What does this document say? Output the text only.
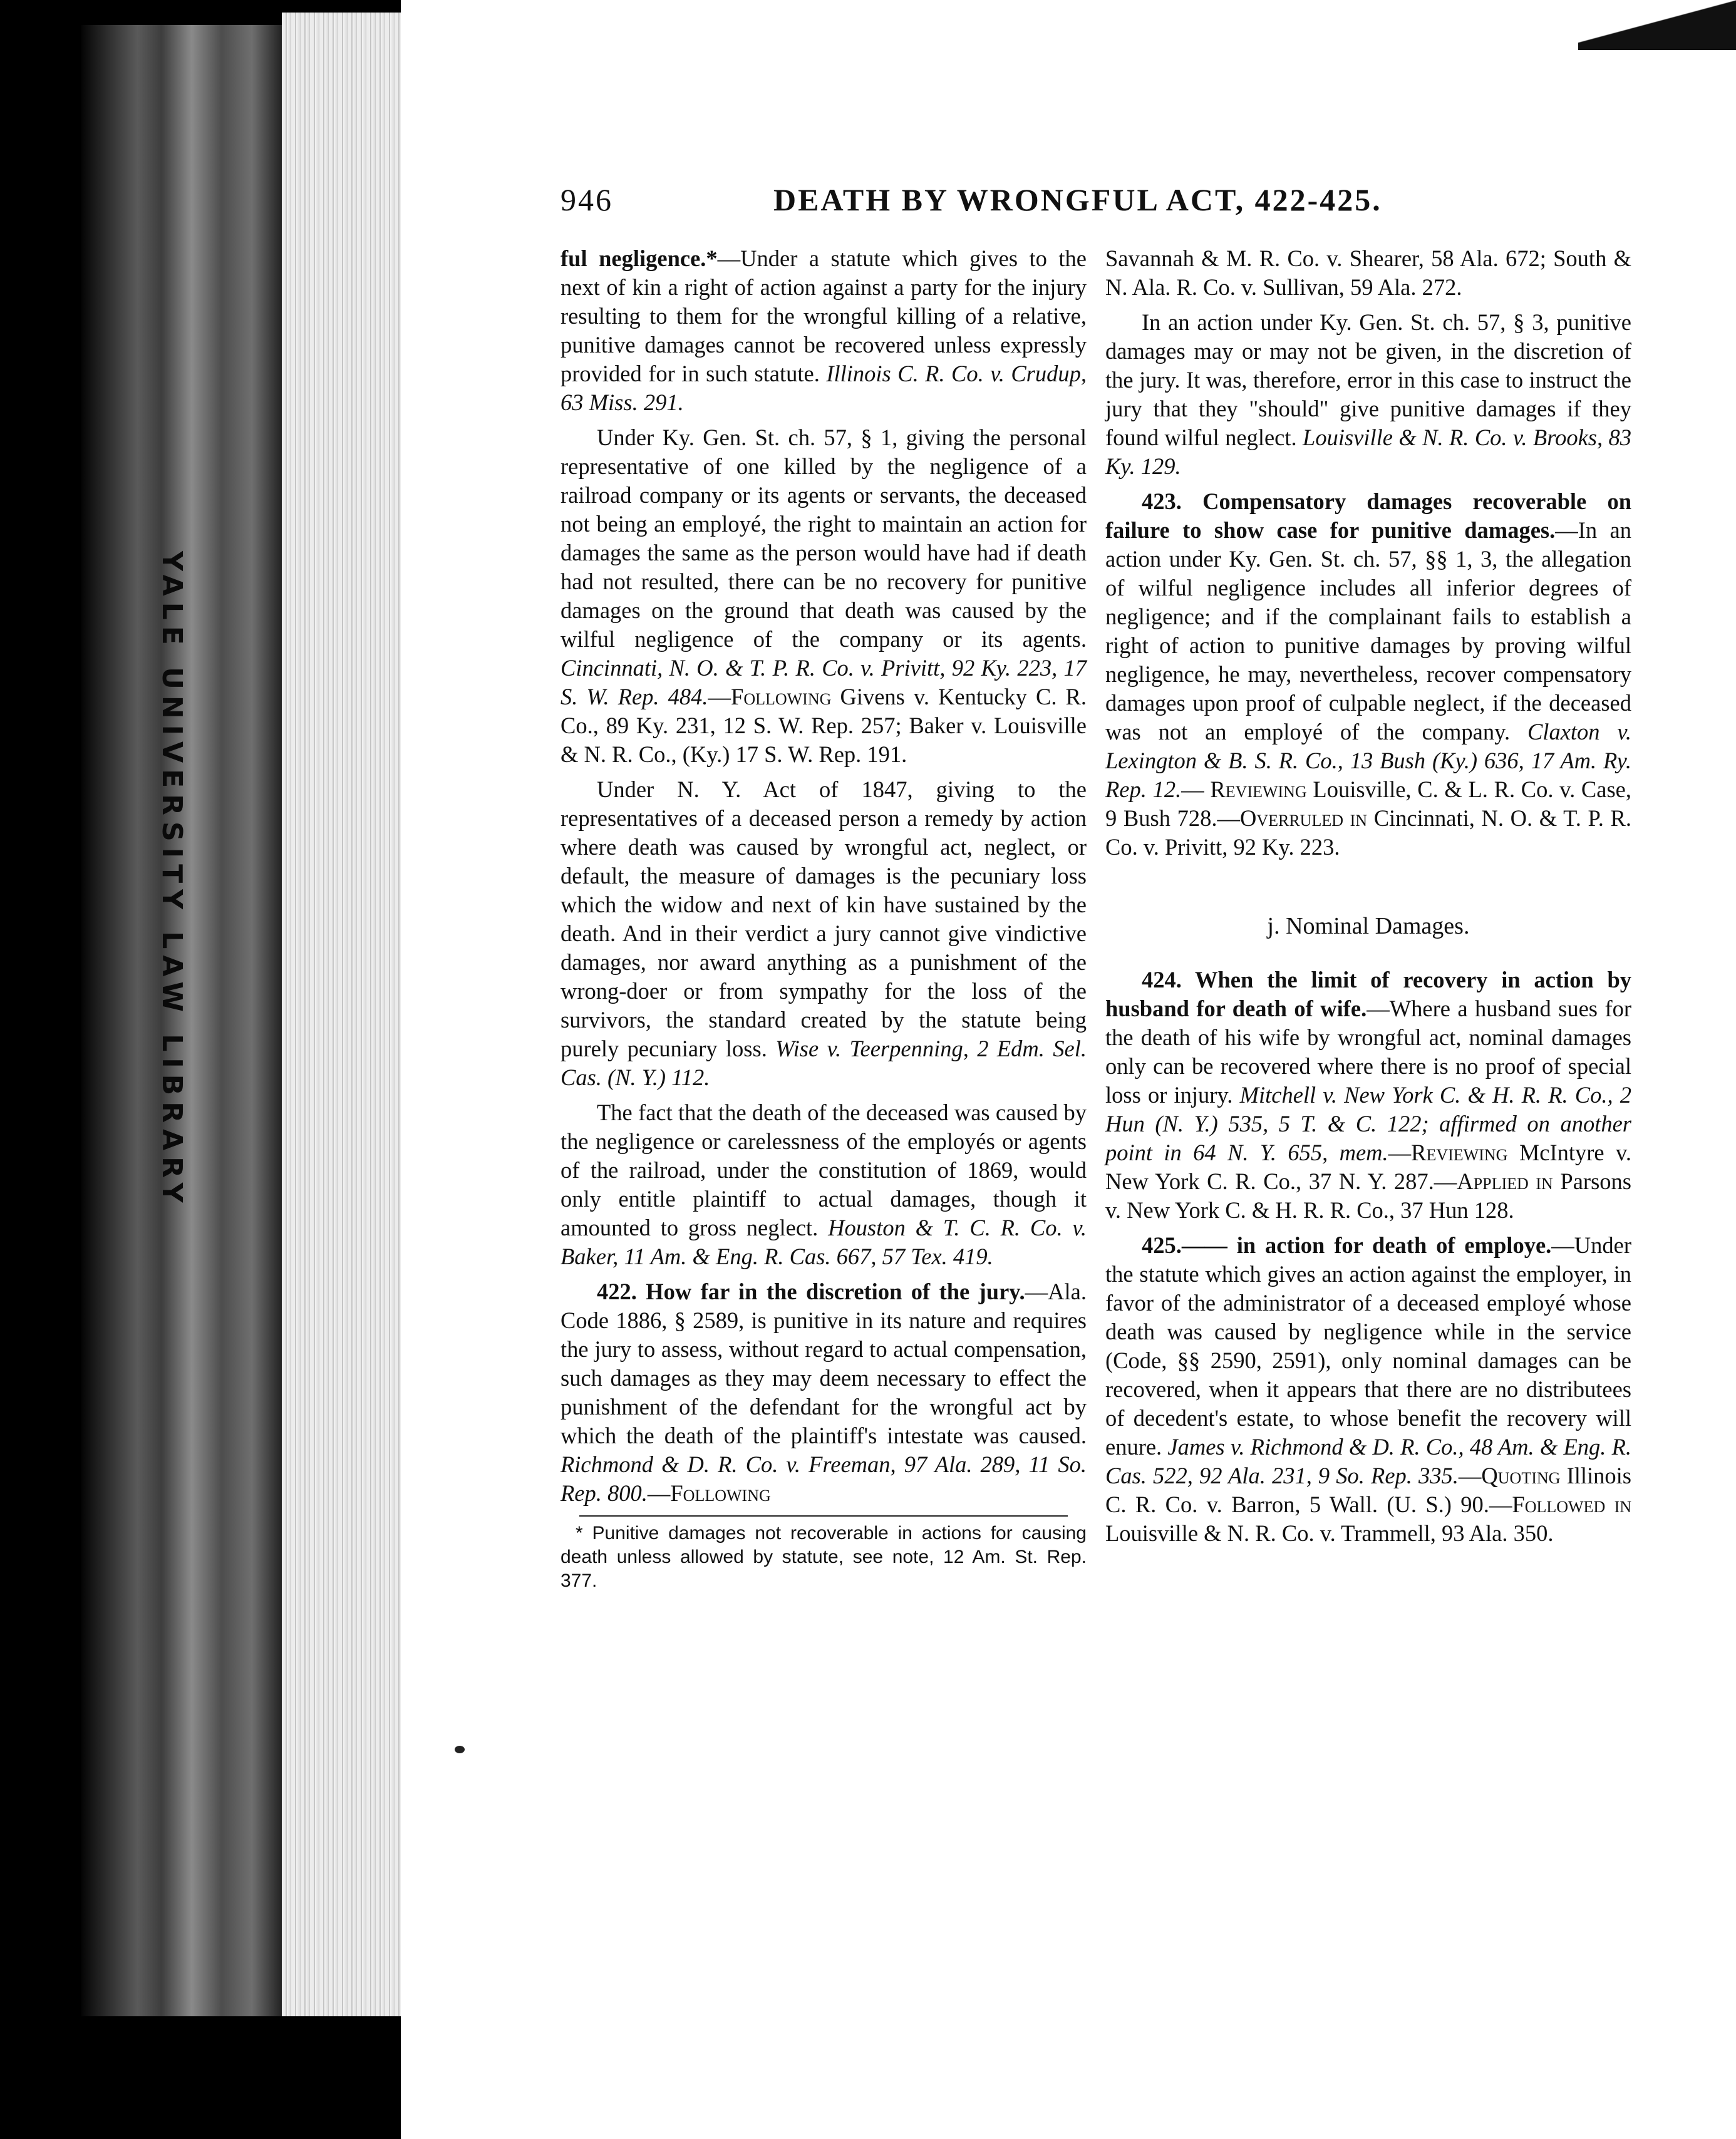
YALE UNIVERSITY LAW LIBRARY
946	DEATH BY WRONGFUL ACT, 422-425.

ful negligence.*—Under a statute which gives to the next of kin a right of action against a party for the injury resulting to them for the wrongful killing of a relative, punitive damages cannot be recovered unless expressly provided for in such statute. Illinois C. R. Co. v. Crudup, 63 Miss. 291.

Under Ky. Gen. St. ch. 57, § 1, giving the personal representative of one killed by the negligence of a railroad company or its agents or servants, the deceased not being an employé, the right to maintain an action for damages the same as the person would have had if death had not resulted, there can be no recovery for punitive damages on the ground that death was caused by the wilful negligence of the company or its agents. Cincinnati, N. O. & T. P. R. Co. v. Privitt, 92 Ky. 223, 17 S. W. Rep. 484.—Following Givens v. Kentucky C. R. Co., 89 Ky. 231, 12 S. W. Rep. 257; Baker v. Louisville & N. R. Co., (Ky.) 17 S. W. Rep. 191.

Under N. Y. Act of 1847, giving to the representatives of a deceased person a remedy by action where death was caused by wrongful act, neglect, or default, the measure of damages is the pecuniary loss which the widow and next of kin have sustained by the death. And in their verdict a jury cannot give vindictive damages, nor award anything as a punishment of the wrong-doer or from sympathy for the loss of the survivors, the standard created by the statute being purely pecuniary loss. Wise v. Teerpenning, 2 Edm. Sel. Cas. (N. Y.) 112.

The fact that the death of the deceased was caused by the negligence or carelessness of the employés or agents of the railroad, under the constitution of 1869, would only entitle plaintiff to actual damages, though it amounted to gross neglect. Houston & T. C. R. Co. v. Baker, 11 Am. & Eng. R. Cas. 667, 57 Tex. 419.

422. How far in the discretion of the jury.—Ala. Code 1886, § 2589, is punitive in its nature and requires the jury to assess, without regard to actual compensation, such damages as they may deem necessary to effect the punishment of the defendant for the wrongful act by which the death of the plaintiff's intestate was caused. Richmond & D. R. Co. v. Freeman, 97 Ala. 289, 11 So. Rep. 800.—Following

* Punitive damages not recoverable in actions for causing death unless allowed by statute, see note, 12 Am. St. Rep. 377.

Savannah & M. R. Co. v. Shearer, 58 Ala. 672; South & N. Ala. R. Co. v. Sullivan, 59 Ala. 272.

In an action under Ky. Gen. St. ch. 57, § 3, punitive damages may or may not be given, in the discretion of the jury. It was, therefore, error in this case to instruct the jury that they "should" give punitive damages if they found wilful neglect. Louisville & N. R. Co. v. Brooks, 83 Ky. 129.

423. Compensatory damages recoverable on failure to show case for punitive damages.—In an action under Ky. Gen. St. ch. 57, §§ 1, 3, the allegation of wilful negligence includes all inferior degrees of negligence; and if the complainant fails to establish a right of action to punitive damages by proving wilful negligence, he may, nevertheless, recover compensatory damages upon proof of culpable neglect, if the deceased was not an employé of the company. Claxton v. Lexington & B. S. R. Co., 13 Bush (Ky.) 636, 17 Am. Ry. Rep. 12.— Reviewing Louisville, C. & L. R. Co. v. Case, 9 Bush 728.—Overruled in Cincinnati, N. O. & T. P. R. Co. v. Privitt, 92 Ky. 223.

j. Nominal Damages.

424. When the limit of recovery in action by husband for death of wife.—Where a husband sues for the death of his wife by wrongful act, nominal damages only can be recovered where there is no proof of special loss or injury. Mitchell v. New York C. & H. R. R. Co., 2 Hun (N. Y.) 535, 5 T. & C. 122; affirmed on another point in 64 N. Y. 655, mem.—Reviewing McIntyre v. New York C. R. Co., 37 N. Y. 287.—Applied in Parsons v. New York C. & H. R. R. Co., 37 Hun 128.

425.—— in action for death of employe.—Under the statute which gives an action against the employer, in favor of the administrator of a deceased employé whose death was caused by negligence while in the service (Code, §§ 2590, 2591), only nominal damages can be recovered, when it appears that there are no distributees of decedent's estate, to whose benefit the recovery will enure. James v. Richmond & D. R. Co., 48 Am. & Eng. R. Cas. 522, 92 Ala. 231, 9 So. Rep. 335.—Quoting Illinois C. R. Co. v. Barron, 5 Wall. (U. S.) 90.—Followed in Louisville & N. R. Co. v. Trammell, 93 Ala. 350.
